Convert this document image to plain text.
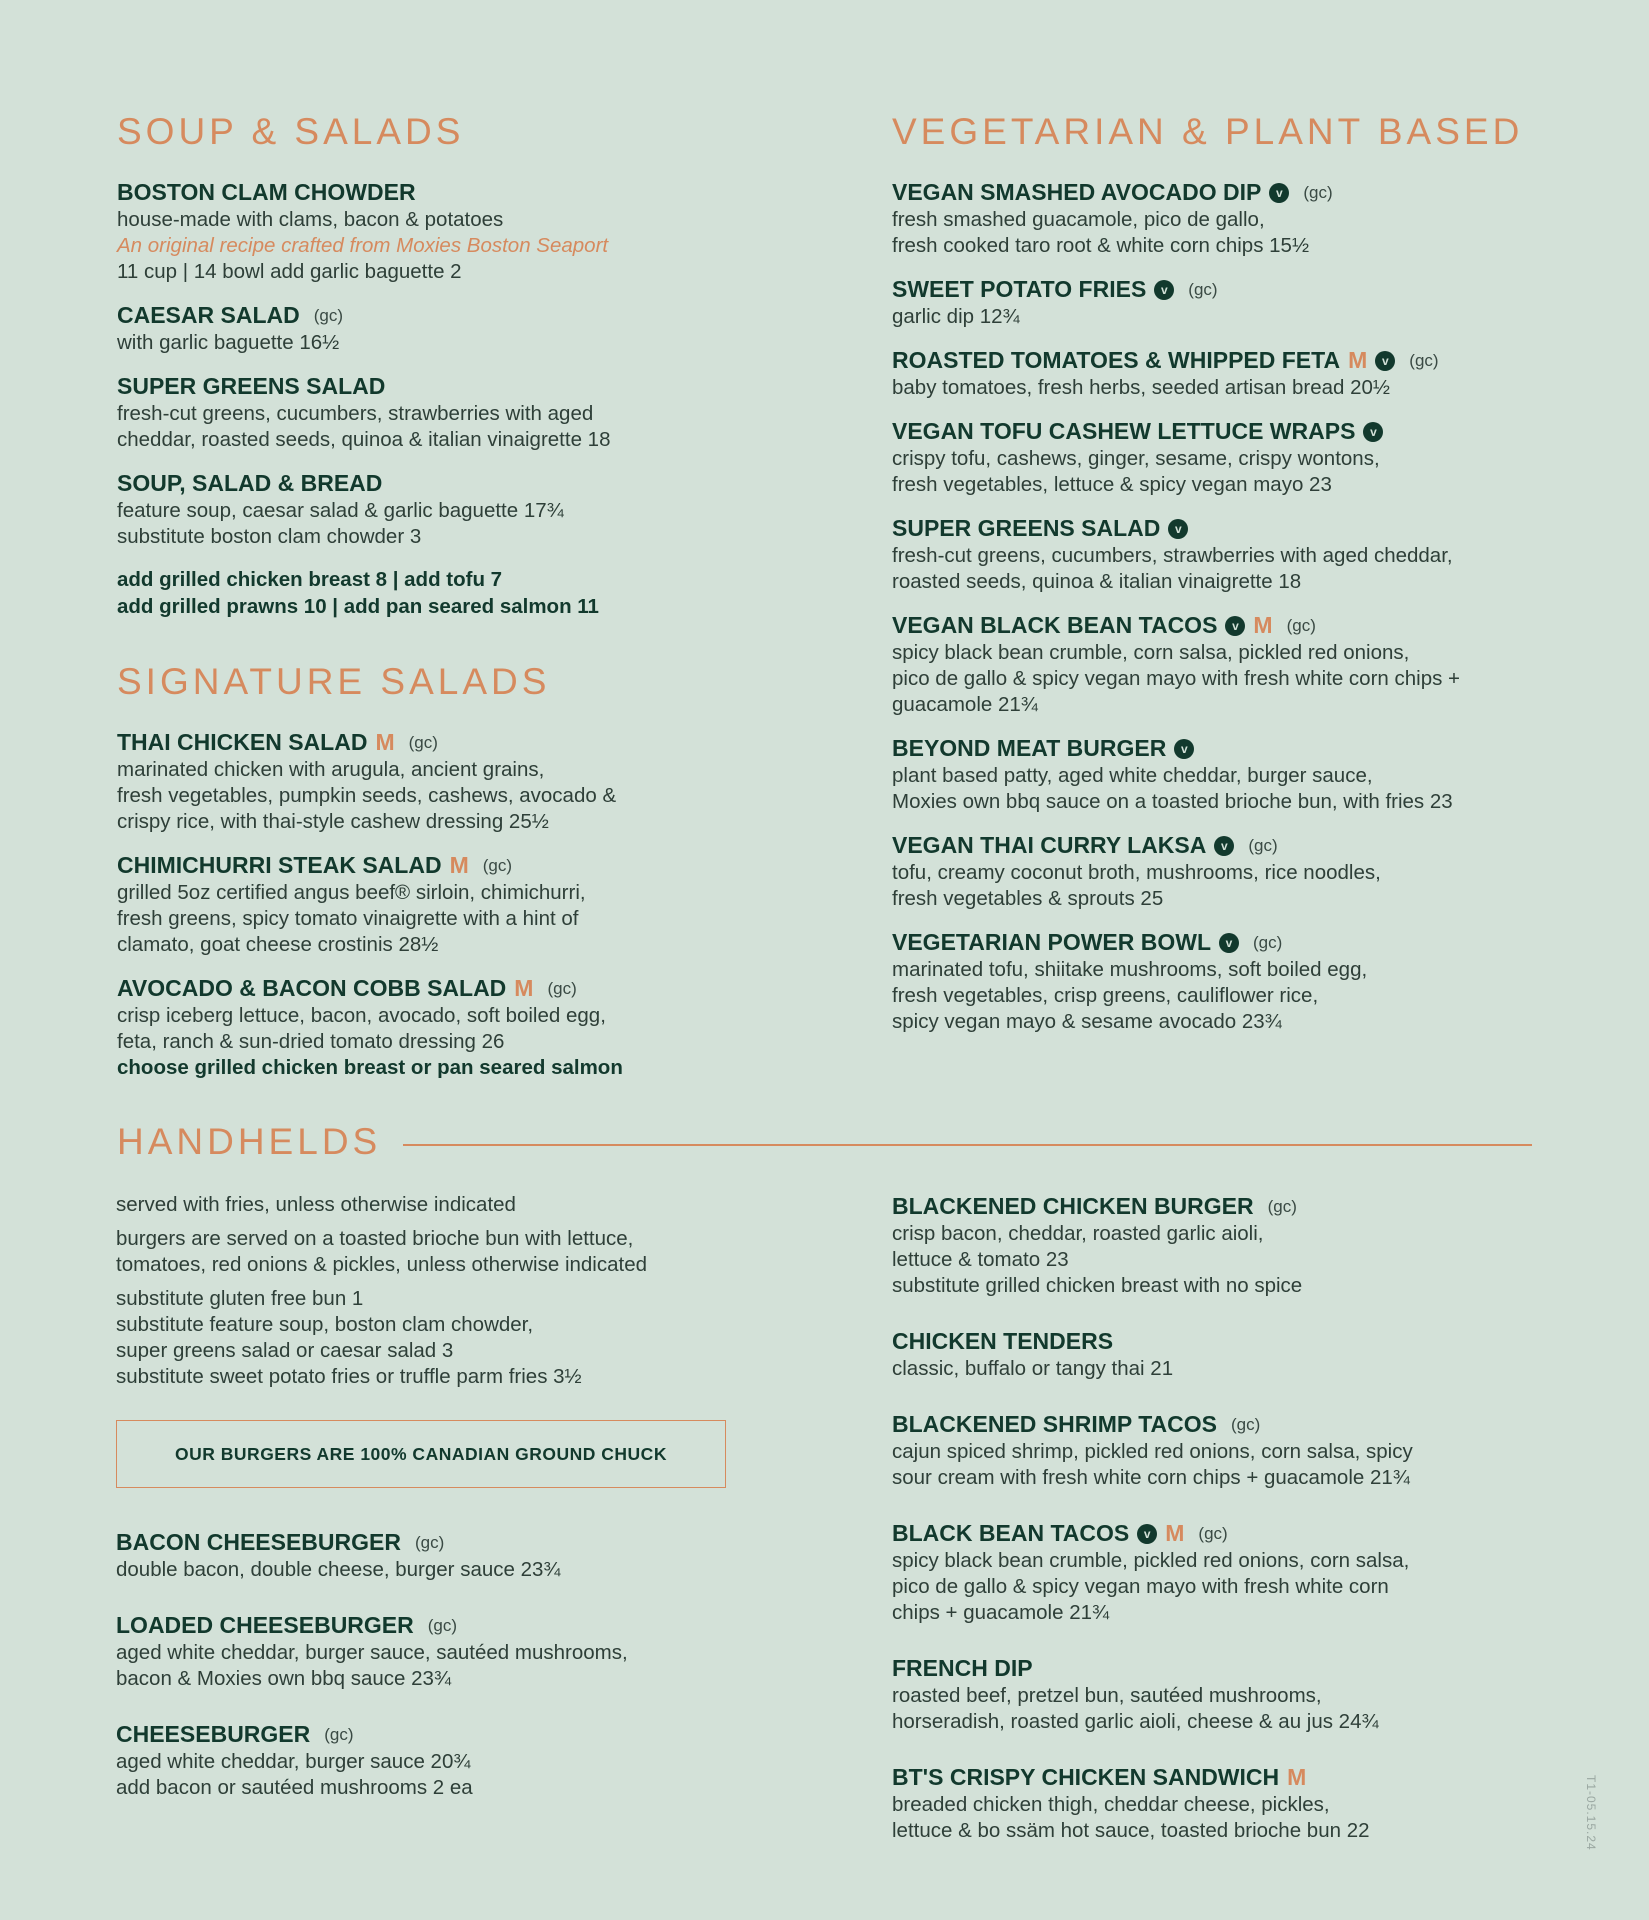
SOUP & SALADS
BOSTON CLAM CHOWDER
house-made with clams, bacon & potatoes
An original recipe crafted from Moxies Boston Seaport
11 cup | 14 bowl add garlic baguette 2
CAESAR SALAD (gc)
with garlic baguette 16½
SUPER GREENS SALAD
fresh-cut greens, cucumbers, strawberries with aged
cheddar, roasted seeds, quinoa & italian vinaigrette 18
SOUP, SALAD & BREAD
feature soup, caesar salad & garlic baguette 17¾
substitute boston clam chowder 3
add grilled chicken breast 8 | add tofu 7
add grilled prawns 10 | add pan seared salmon 11
SIGNATURE SALADS
THAI CHICKEN SALAD M (gc)
marinated chicken with arugula, ancient grains,
fresh vegetables, pumpkin seeds, cashews, avocado &
crispy rice, with thai-style cashew dressing 25½
CHIMICHURRI STEAK SALAD M (gc)
grilled 5oz certified angus beef® sirloin, chimichurri,
fresh greens, spicy tomato vinaigrette with a hint of
clamato, goat cheese crostinis 28½
AVOCADO & BACON COBB SALAD M (gc)
crisp iceberg lettuce, bacon, avocado, soft boiled egg,
feta, ranch & sun-dried tomato dressing 26
choose grilled chicken breast or pan seared salmon
VEGETARIAN & PLANT BASED
VEGAN SMASHED AVOCADO DIP	v	(gc)
fresh smashed guacamole, pico de gallo,
fresh cooked taro root & white corn chips 15½
SWEET POTATO FRIES	v	(gc)
garlic dip 12¾
ROASTED TOMATOES & WHIPPED FETA M	v	(gc)
baby tomatoes, fresh herbs, seeded artisan bread 20½
VEGAN TOFU CASHEW LETTUCE WRAPS	v
crispy tofu, cashews, ginger, sesame, crispy wontons,
fresh vegetables, lettuce & spicy vegan mayo 23
SUPER GREENS SALAD	v
fresh-cut greens, cucumbers, strawberries with aged cheddar,
roasted seeds, quinoa & italian vinaigrette 18
VEGAN BLACK BEAN TACOS	v M (gc)
spicy black bean crumble, corn salsa, pickled red onions,
pico de gallo & spicy vegan mayo with fresh white corn chips +
guacamole 21¾
BEYOND MEAT BURGER	v
plant based patty, aged white cheddar, burger sauce,
Moxies own bbq sauce on a toasted brioche bun, with fries 23
VEGAN THAI CURRY LAKSA	v	(gc)
tofu, creamy coconut broth, mushrooms, rice noodles,
fresh vegetables & sprouts 25
VEGETARIAN POWER BOWL	v	(gc)
marinated tofu, shiitake mushrooms, soft boiled egg,
fresh vegetables, crisp greens, cauliflower rice,
spicy vegan mayo & sesame avocado 23¾
HANDHELDS

served with fries, unless otherwise indicated

burgers are served on a toasted brioche bun with lettuce,
tomatoes, red onions & pickles, unless otherwise indicated

substitute gluten free bun 1
substitute feature soup, boston clam chowder,
super greens salad or caesar salad 3
substitute sweet potato fries or truffle parm fries 3½

OUR BURGERS ARE 100% CANADIAN GROUND CHUCK
BACON CHEESEBURGER (gc)
double bacon, double cheese, burger sauce 23¾
LOADED CHEESEBURGER (gc)
aged white cheddar, burger sauce, sautéed mushrooms,
bacon & Moxies own bbq sauce 23¾
CHEESEBURGER (gc)
aged white cheddar, burger sauce 20¾
add bacon or sautéed mushrooms 2 ea
BLACKENED CHICKEN BURGER (gc)
crisp bacon, cheddar, roasted garlic aioli,
lettuce & tomato 23
substitute grilled chicken breast with no spice
CHICKEN TENDERS
classic, buffalo or tangy thai 21
BLACKENED SHRIMP TACOS (gc)
cajun spiced shrimp, pickled red onions, corn salsa, spicy
sour cream with fresh white corn chips + guacamole 21¾
BLACK BEAN TACOS	v M (gc)
spicy black bean crumble, pickled red onions, corn salsa,
pico de gallo & spicy vegan mayo with fresh white corn
chips + guacamole 21¾
FRENCH DIP
roasted beef, pretzel bun, sautéed mushrooms,
horseradish, roasted garlic aioli, cheese & au jus 24¾
BT'S CRISPY CHICKEN SANDWICH M
breaded chicken thigh, cheddar cheese, pickles,
lettuce & bo ssäm hot sauce, toasted brioche bun 22	T1-05.15.24
